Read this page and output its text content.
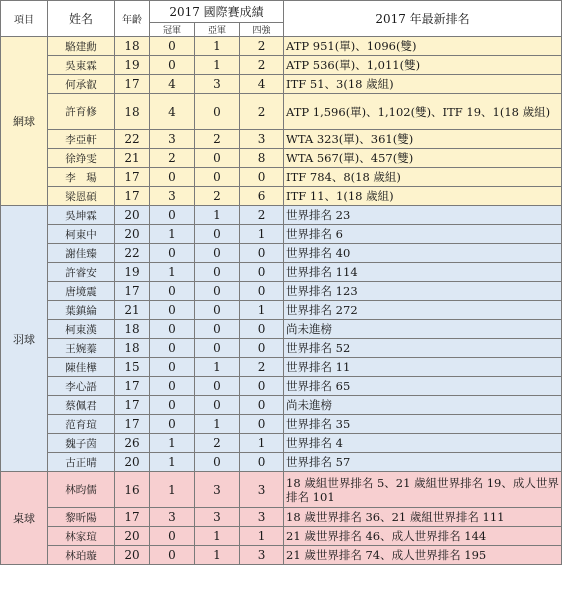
項目	姓名	年齡	2017 國際賽成績			2017 年最新排名
			冠軍	亞軍	四強	
網球	駱建勳	18	0	1	2	ATP 951(單)、1096(雙)
	吳東霖	19	0	1	2	ATP 536(單)、1,011(雙)
	何承叡	17	4	3	4	ITF 51、3(18 歲組)
	許育修	18	4	0	2	ATP 1,596(單)、1,102(雙)、ITF 19、1(18 歲組)
	李亞軒	22	3	2	3	WTA 323(單)、361(雙)
	徐竫雯	21	2	0	8	WTA 567(單)、457(雙)
	李　瑒	17	0	0	0	ITF 784、8(18 歲組)
	梁恩碩	17	3	2	6	ITF 11、1(18 歲組)
羽球	吳坤霖	20	0	1	2	世界排名 23
	柯東中	20	1	0	1	世界排名 6
	謝佳臻	22	0	0	0	世界排名 40
	許睿安	19	1	0	0	世界排名 114
	唐境震	17	0	0	0	世界排名 123
	葉鎮綸	21	0	0	1	世界排名 272
	柯東漢	18	0	0	0	尚未進榜
	王婉蓁	18	0	0	0	世界排名 52
	陳佳樺	15	0	1	2	世界排名 11
	李心語	17	0	0	0	世界排名 65
	蔡佩君	17	0	0	0	尚未進榜
	范育瑄	17	0	1	0	世界排名 35
	魏子茵	26	1	2	1	世界排名 4
	古正晴	20	1	0	0	世界排名 57
桌球	林昀儒	16	1	3	3	18 歲組世界排名 5、21 歲組世界排名 19、成人世界排名 101
	黎昕陽	17	3	3	3	18 歲世界排名 36、21 歲組世界排名 111
	林家瑄	20	0	1	1	21 歲世界排名 46、成人世界排名 144
	林珀璇	20	0	1	3	21 歲世界排名 74、成人世界排名 195
